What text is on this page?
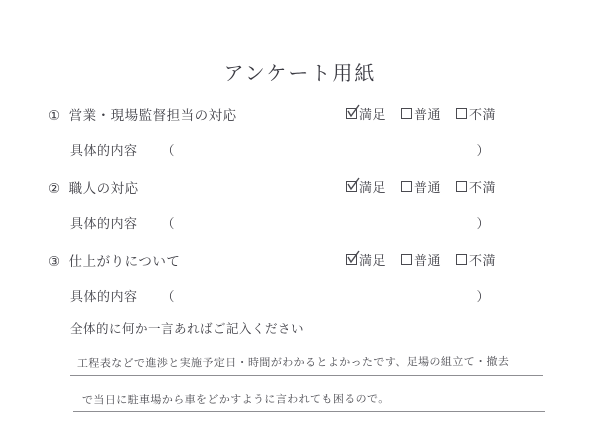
アンケート用紙
① 営業・現場監督担当の対応	満足 普通 不満
具体的内容 （	）
② 職人の対応	満足 普通 不満
具体的内容 （	）
③ 仕上がりについて	満足 普通 不満
具体的内容 （	）
全体的に何か一言あればご記入ください
工程表などで進渉と実施予定日・時間がわかるとよかったです、足場の組立て・撤去
で当日に駐車場から車をどかすように言われても困るので。
